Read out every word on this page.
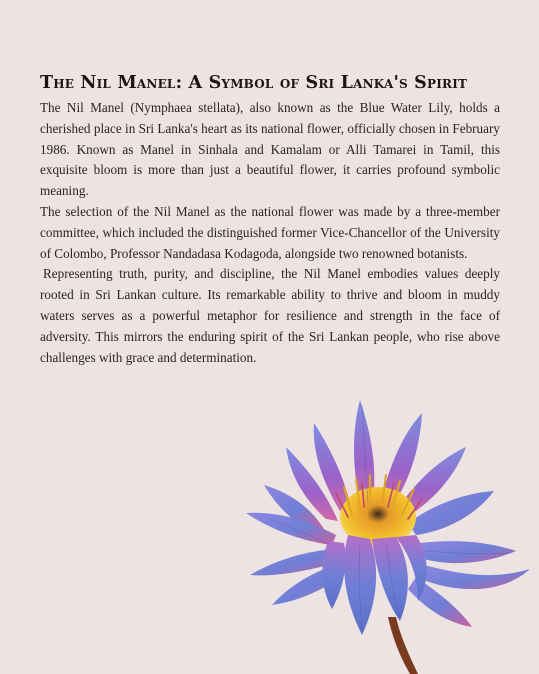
The Nil Manel: A Symbol of Sri Lanka's Spirit

The Nil Manel (Nymphaea stellata), also known as the Blue Water Lily, holds a cherished place in Sri Lanka's heart as its national flower, officially chosen in February 1986. Known as Manel in Sinhala and Kamalam or Alli Tamarei in Tamil, this exquisite bloom is more than just a beautiful flower, it carries profound symbolic meaning.

The selection of the Nil Manel as the national flower was made by a three-member committee, which included the distinguished former Vice-Chancellor of the University of Colombo, Professor Nandadasa Kodagoda, alongside two renowned botanists.

Representing truth, purity, and discipline, the Nil Manel embodies values deeply rooted in Sri Lankan culture. Its remarkable ability to thrive and bloom in muddy waters serves as a powerful metaphor for resilience and strength in the face of adversity. This mirrors the enduring spirit of the Sri Lankan people, who rise above challenges with grace and determination.
